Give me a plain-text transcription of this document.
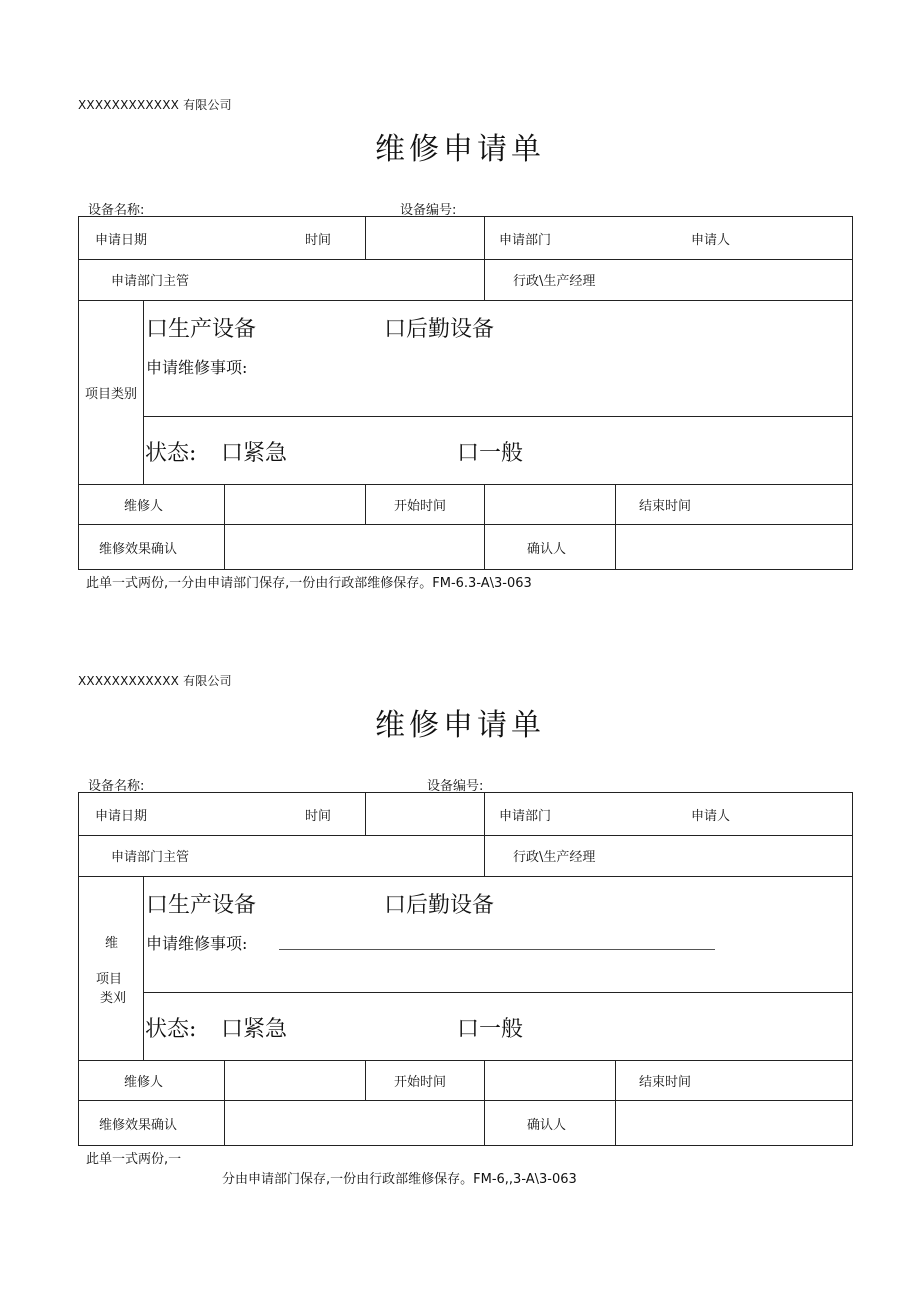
XXXXXXXXXXXX 有限公司
维修申请单
设备名称:	设备编号:
申请日期	时间	申请部门	申请人
申请部门主管	行政\生产经理
项目类别
口生产设备	口后勤设备
申请维修事项:
状态: 口紧急	口一般
维修人	开始时间	结束时间
维修效果确认	确认人
此单一式两份,一分由申请部门保存,一份由行政部维修保存。FM-6.3-A\3-063
XXXXXXXXXXXX 有限公司
维修申请单
设备名称:	设备编号:
申请日期	时间	申请部门	申请人
申请部门主管	行政\生产经理
维
项目
类刈
口生产设备	口后勤设备
申请维修事项:
状态: 口紧急	口一般
维修人	开始时间	结束时间
维修效果确认	确认人
此单一式两份,一
分由申请部门保存,一份由行政部维修保存。FM-6,,3-A\3-063
